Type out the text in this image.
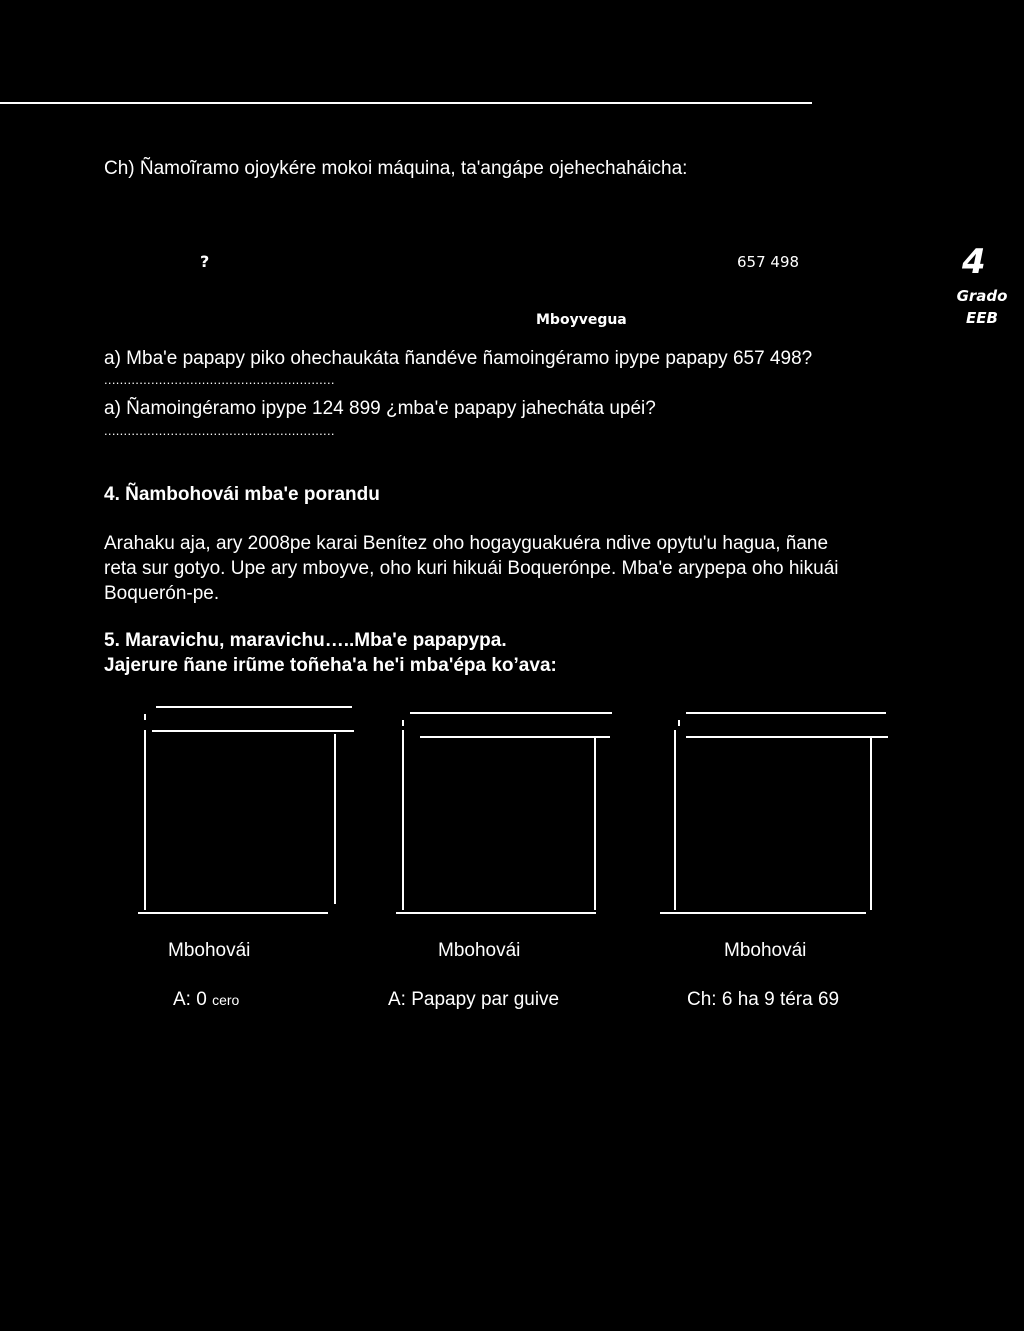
Ch) Ñamoĩramo ojoykére mokoi máquina, ta'angápe ojehechaháicha:
?	657 498
Mboyvegua
4
Grado
EEB
a) Mba'e papapy piko ohechaukáta ñandéve ñamoingéramo ipype papapy 657 498?
...........................................................
a) Ñamoingéramo ipype 124 899 ¿mba'e papapy jahecháta upéi?
...........................................................
4. Ñambohovái mba'e porandu
Arahaku aja, ary 2008pe karai Benítez oho hogayguakuéra ndive opytu'u hagua, ñane
reta sur gotyo. Upe ary mboyve, oho kuri hikuái Boquerónpe. Mba'e arypepa oho hikuái
Boquerón-pe.
5. Maravichu, maravichu…..Mba'e papapypa.
Jajerure ñane irũme toñeha'a he'i mba'épa ko’ava:
Mbohovái	Mbohovái	Mbohovái
A: 0 cero	A: Papapy par guive	Ch: 6 ha 9 téra 69
